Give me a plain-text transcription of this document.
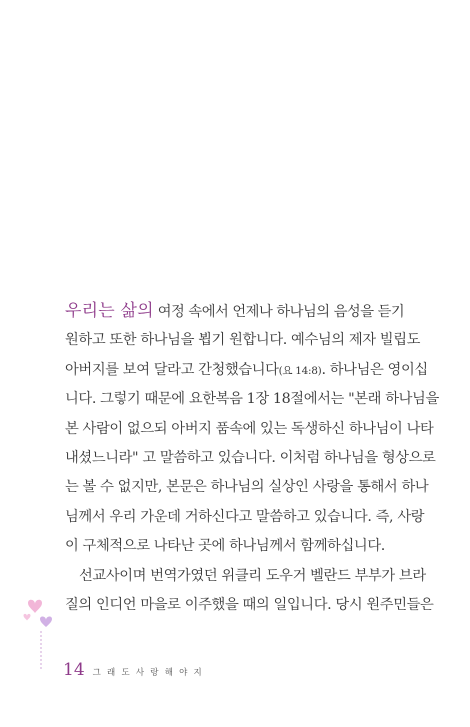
우리는 삶의 여정 속에서 언제나 하나님의 음성을 듣기
원하고 또한 하나님을 뵙기 원합니다. 예수님의 제자 빌립도
아버지를 보여 달라고 간청했습니다(요 14:8). 하나님은 영이십
니다. 그렇기 때문에 요한복음 1장 18절에서는 "본래 하나님을
본 사람이 없으되 아버지 품속에 있는 독생하신 하나님이 나타
내셨느니라" 고 말씀하고 있습니다. 이처럼 하나님을 형상으로
는 볼 수 없지만, 본문은 하나님의 실상인 사랑을 통해서 하나
님께서 우리 가운데 거하신다고 말씀하고 있습니다. 즉, 사랑
이 구체적으로 나타난 곳에 하나님께서 함께하십니다.
선교사이며 번역가였던 위클리 도우거 벨란드 부부가 브라
질의 인디언 마을로 이주했을 때의 일입니다. 당시 원주민들은
14 그래도사랑해야지
